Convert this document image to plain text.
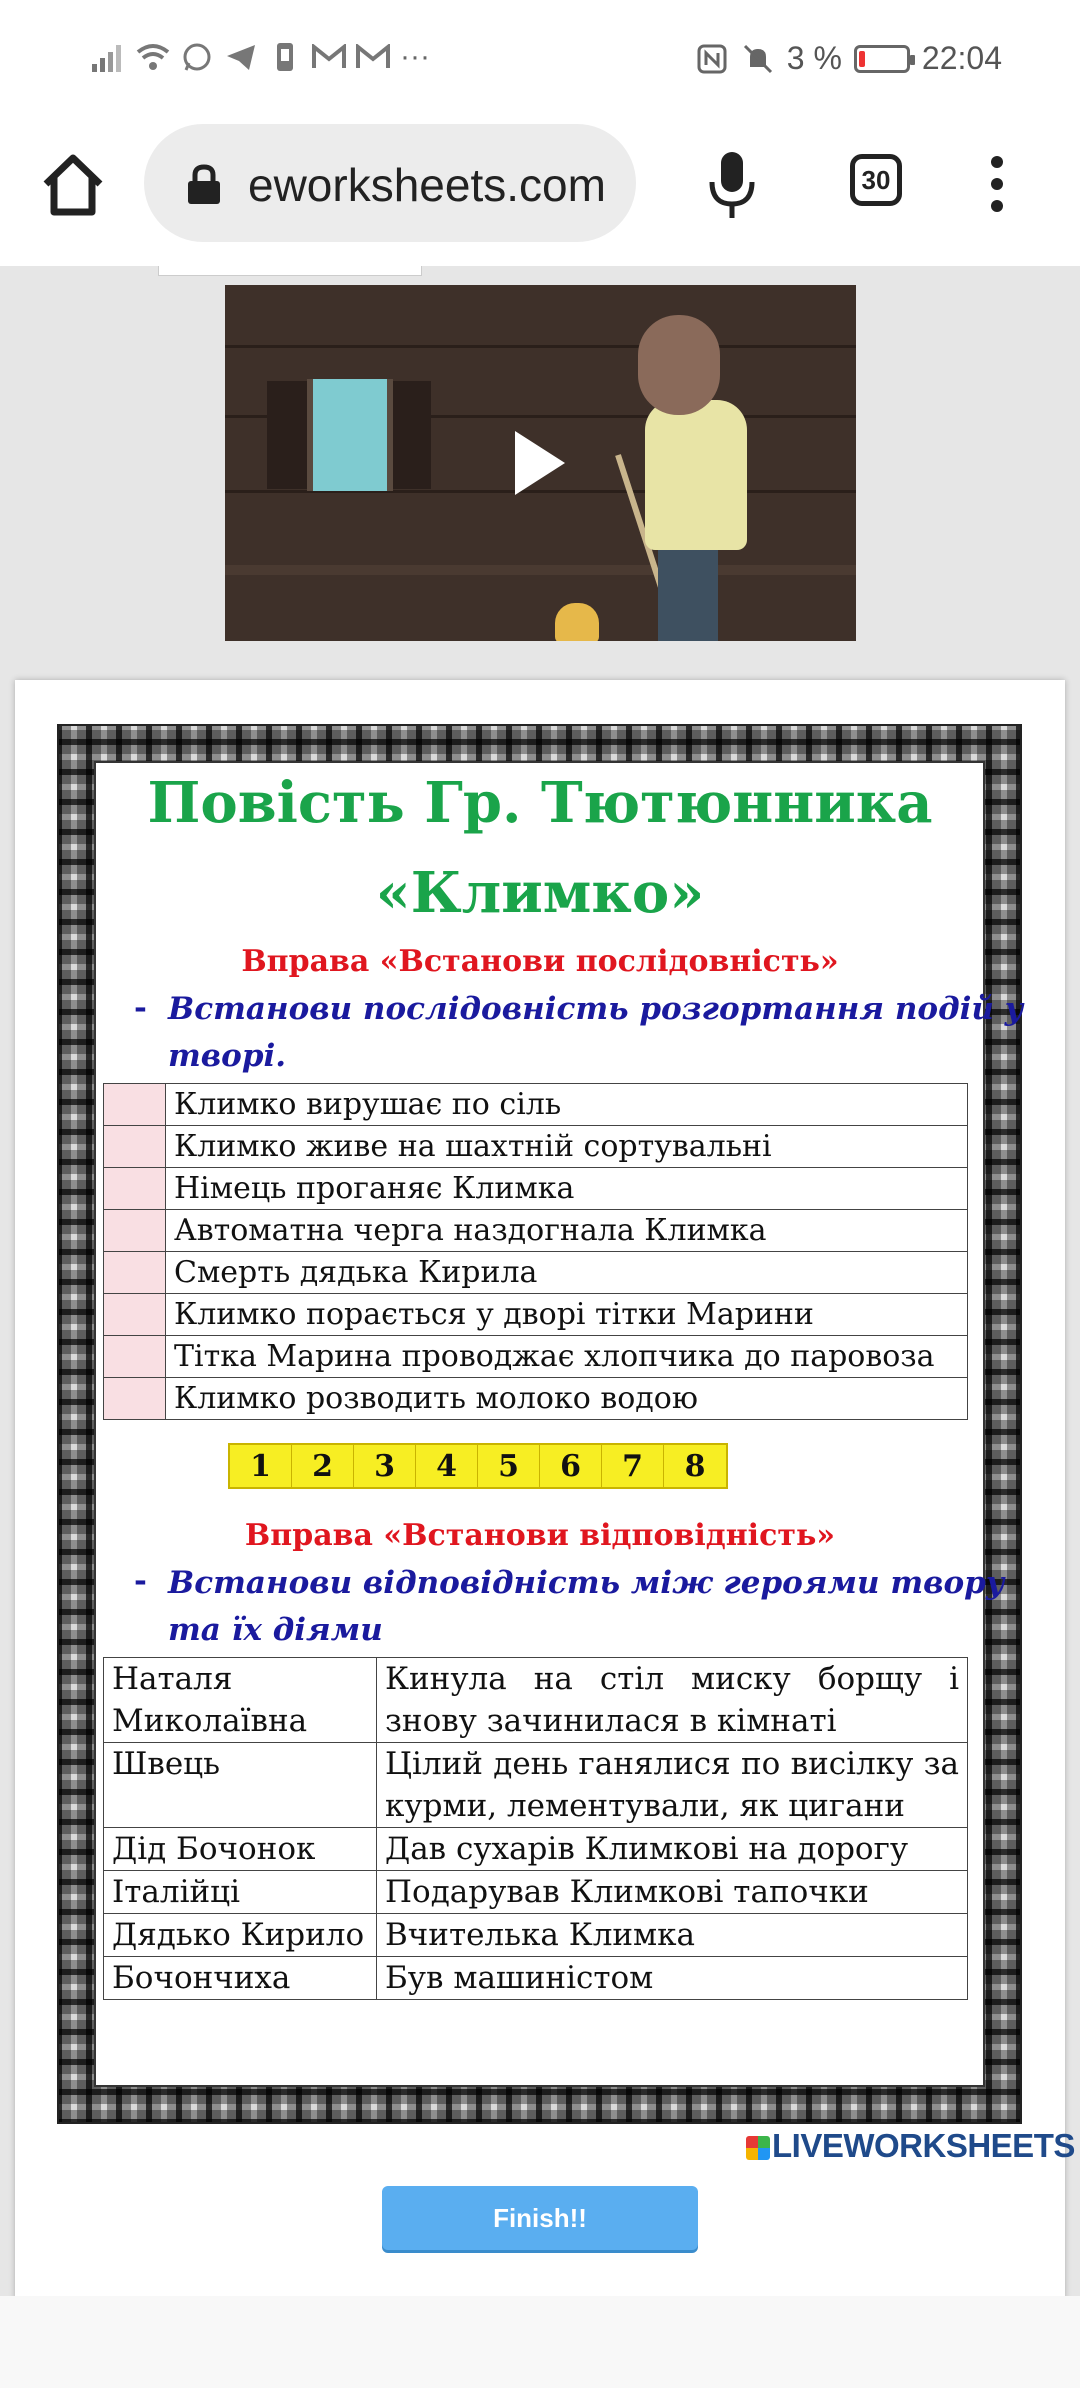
···	3 %	22:04
eworksheets.com	30
Повість Гр. Тютюнника
«Климко»
Вправа «Встанови послідовність»
- Встанови послідовність розгортання подій у
творі.
	Климко вирушає по сіль
	Климко живе на шахтній сортувальні
	Німець проганяє Климка
	Автоматна черга наздогнала Климка
	Смерть дядька Кирила
	Климко порається у дворі тітки Марини
	Тітка Марина проводжає хлопчика до паровоза
	Климко розводить молоко водою
1	2	3	4	5	6	7	8
Вправа «Встанови відповідність»
- Встанови відповідність між героями твору
та їх діями
Наталя Миколаївна	Кинула на стіл миску борщу і знову зачинилася в кімнаті
Швець	Цілий день ганялися по висілку за курми, лементували, як цигани
Дід Бочонок	Дав сухарів Климкові на дорогу
Італійці	Подарував Климкові тапочки
Дядько Кирило	Вчителька Климка
Бочончиха	Був машиністом
LIVEWORKSHEETS
Finish!!
